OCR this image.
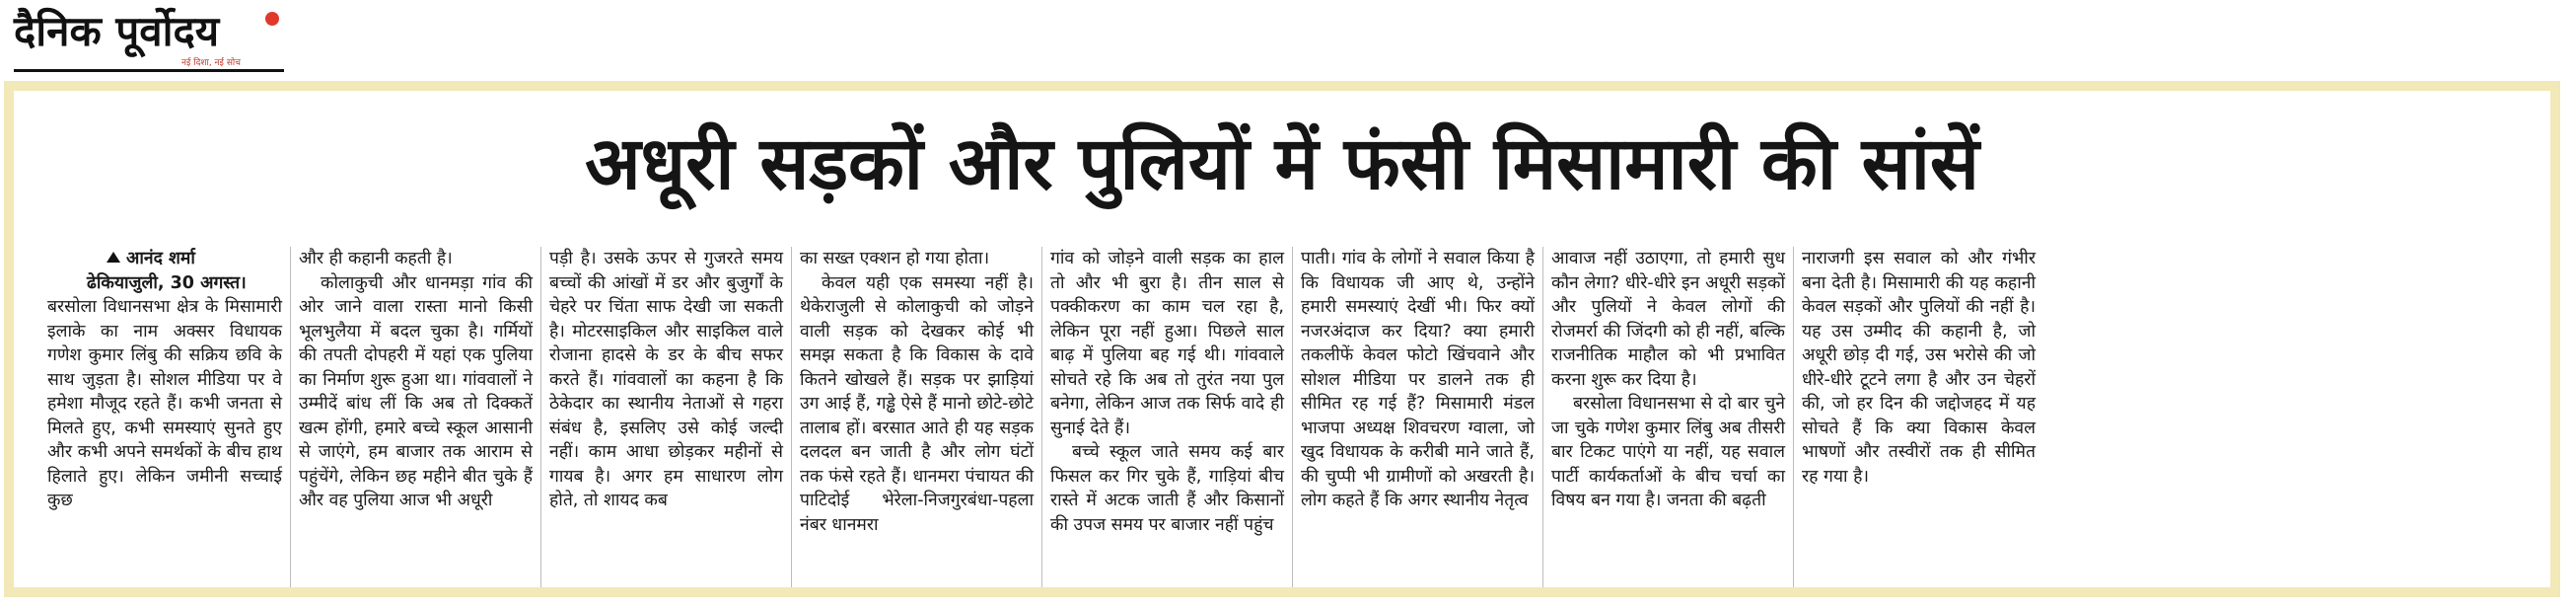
दैनिक पूर्वोदय
नई दिशा, नई सोच
अधूरी सड़कों और पुलियों में फंसी मिसामारी की सांसें

आनंद शर्मा

ढेकियाजुली, 30 अगस्त।

बरसोला विधानसभा क्षेत्र के मिसामारी इलाके का नाम अक्सर विधायक गणेश कुमार लिंबु की सक्रिय छवि के साथ जुड़ता है। सोशल मीडिया पर वे हमेशा मौजूद रहते हैं। कभी जनता से मिलते हुए, कभी समस्याएं सुनते हुए और कभी अपने समर्थकों के बीच हाथ हिलाते हुए। लेकिन जमीनी सच्चाई कुछ

और ही कहानी कहती है।

कोलाकुची और धानमड़ा गांव की ओर जाने वाला रास्ता मानो किसी भूलभुलैया में बदल चुका है। गर्मियों की तपती दोपहरी में यहां एक पुलिया का निर्माण शुरू हुआ था। गांववालों ने उम्मीदें बांध लीं कि अब तो दिक्कतें खत्म होंगी, हमारे बच्चे स्कूल आसानी से जाएंगे, हम बाजार तक आराम से पहुंचेंगे, लेकिन छह महीने बीत चुके हैं और वह पुलिया आज भी अधूरी

पड़ी है। उसके ऊपर से गुजरते समय बच्चों की आंखों में डर और बुजुर्गों के चेहरे पर चिंता साफ देखी जा सकती है। मोटरसाइकिल और साइकिल वाले रोजाना हादसे के डर के बीच सफर करते हैं। गांववालों का कहना है कि ठेकेदार का स्थानीय नेताओं से गहरा संबंध है, इसलिए उसे कोई जल्दी नहीं। काम आधा छोड़कर महीनों से गायब है। अगर हम साधारण लोग होते, तो शायद कब

का सख्त एक्शन हो गया होता।

केवल यही एक समस्या नहीं है। थेकेराजुली से कोलाकुची को जोड़ने वाली सड़क को देखकर कोई भी समझ सकता है कि विकास के दावे कितने खोखले हैं। सड़क पर झाड़ियां उग आई हैं, गड्ढे ऐसे हैं मानो छोटे-छोटे तालाब हों। बरसात आते ही यह सड़क दलदल बन जाती है और लोग घंटों तक फंसे रहते हैं। धानमरा पंचायत की पाटिदोई भेरेला-निजगुरबंधा-पहला नंबर धानमरा

गांव को जोड़ने वाली सड़क का हाल तो और भी बुरा है। तीन साल से पक्कीकरण का काम चल रहा है, लेकिन पूरा नहीं हुआ। पिछले साल बाढ़ में पुलिया बह गई थी। गांववाले सोचते रहे कि अब तो तुरंत नया पुल बनेगा, लेकिन आज तक सिर्फ वादे ही सुनाई देते हैं।

बच्चे स्कूल जाते समय कई बार फिसल कर गिर चुके हैं, गाड़ियां बीच रास्ते में अटक जाती हैं और किसानों की उपज समय पर बाजार नहीं पहुंच

पाती। गांव के लोगों ने सवाल किया है कि विधायक जी आए थे, उन्होंने हमारी समस्याएं देखीं भी। फिर क्यों नजरअंदाज कर दिया? क्या हमारी तकलीफें केवल फोटो खिंचवाने और सोशल मीडिया पर डालने तक ही सीमित रह गई हैं? मिसामारी मंडल भाजपा अध्यक्ष शिवचरण ग्वाला, जो खुद विधायक के करीबी माने जाते हैं, की चुप्पी भी ग्रामीणों को अखरती है। लोग कहते हैं कि अगर स्थानीय नेतृत्व

आवाज नहीं उठाएगा, तो हमारी सुध कौन लेगा? धीरे-धीरे इन अधूरी सड़कों और पुलियों ने केवल लोगों की रोजमर्रा की जिंदगी को ही नहीं, बल्कि राजनीतिक माहौल को भी प्रभावित करना शुरू कर दिया है।

बरसोला विधानसभा से दो बार चुने जा चुके गणेश कुमार लिंबु अब तीसरी बार टिकट पाएंगे या नहीं, यह सवाल पार्टी कार्यकर्ताओं के बीच चर्चा का विषय बन गया है। जनता की बढ़ती

नाराजगी इस सवाल को और गंभीर बना देती है। मिसामारी की यह कहानी केवल सड़कों और पुलियों की नहीं है। यह उस उम्मीद की कहानी है, जो अधूरी छोड़ दी गई, उस भरोसे की जो धीरे-धीरे टूटने लगा है और उन चेहरों की, जो हर दिन की जद्दोजहद में यह सोचते हैं कि क्या विकास केवल भाषणों और तस्वीरों तक ही सीमित रह गया है।
